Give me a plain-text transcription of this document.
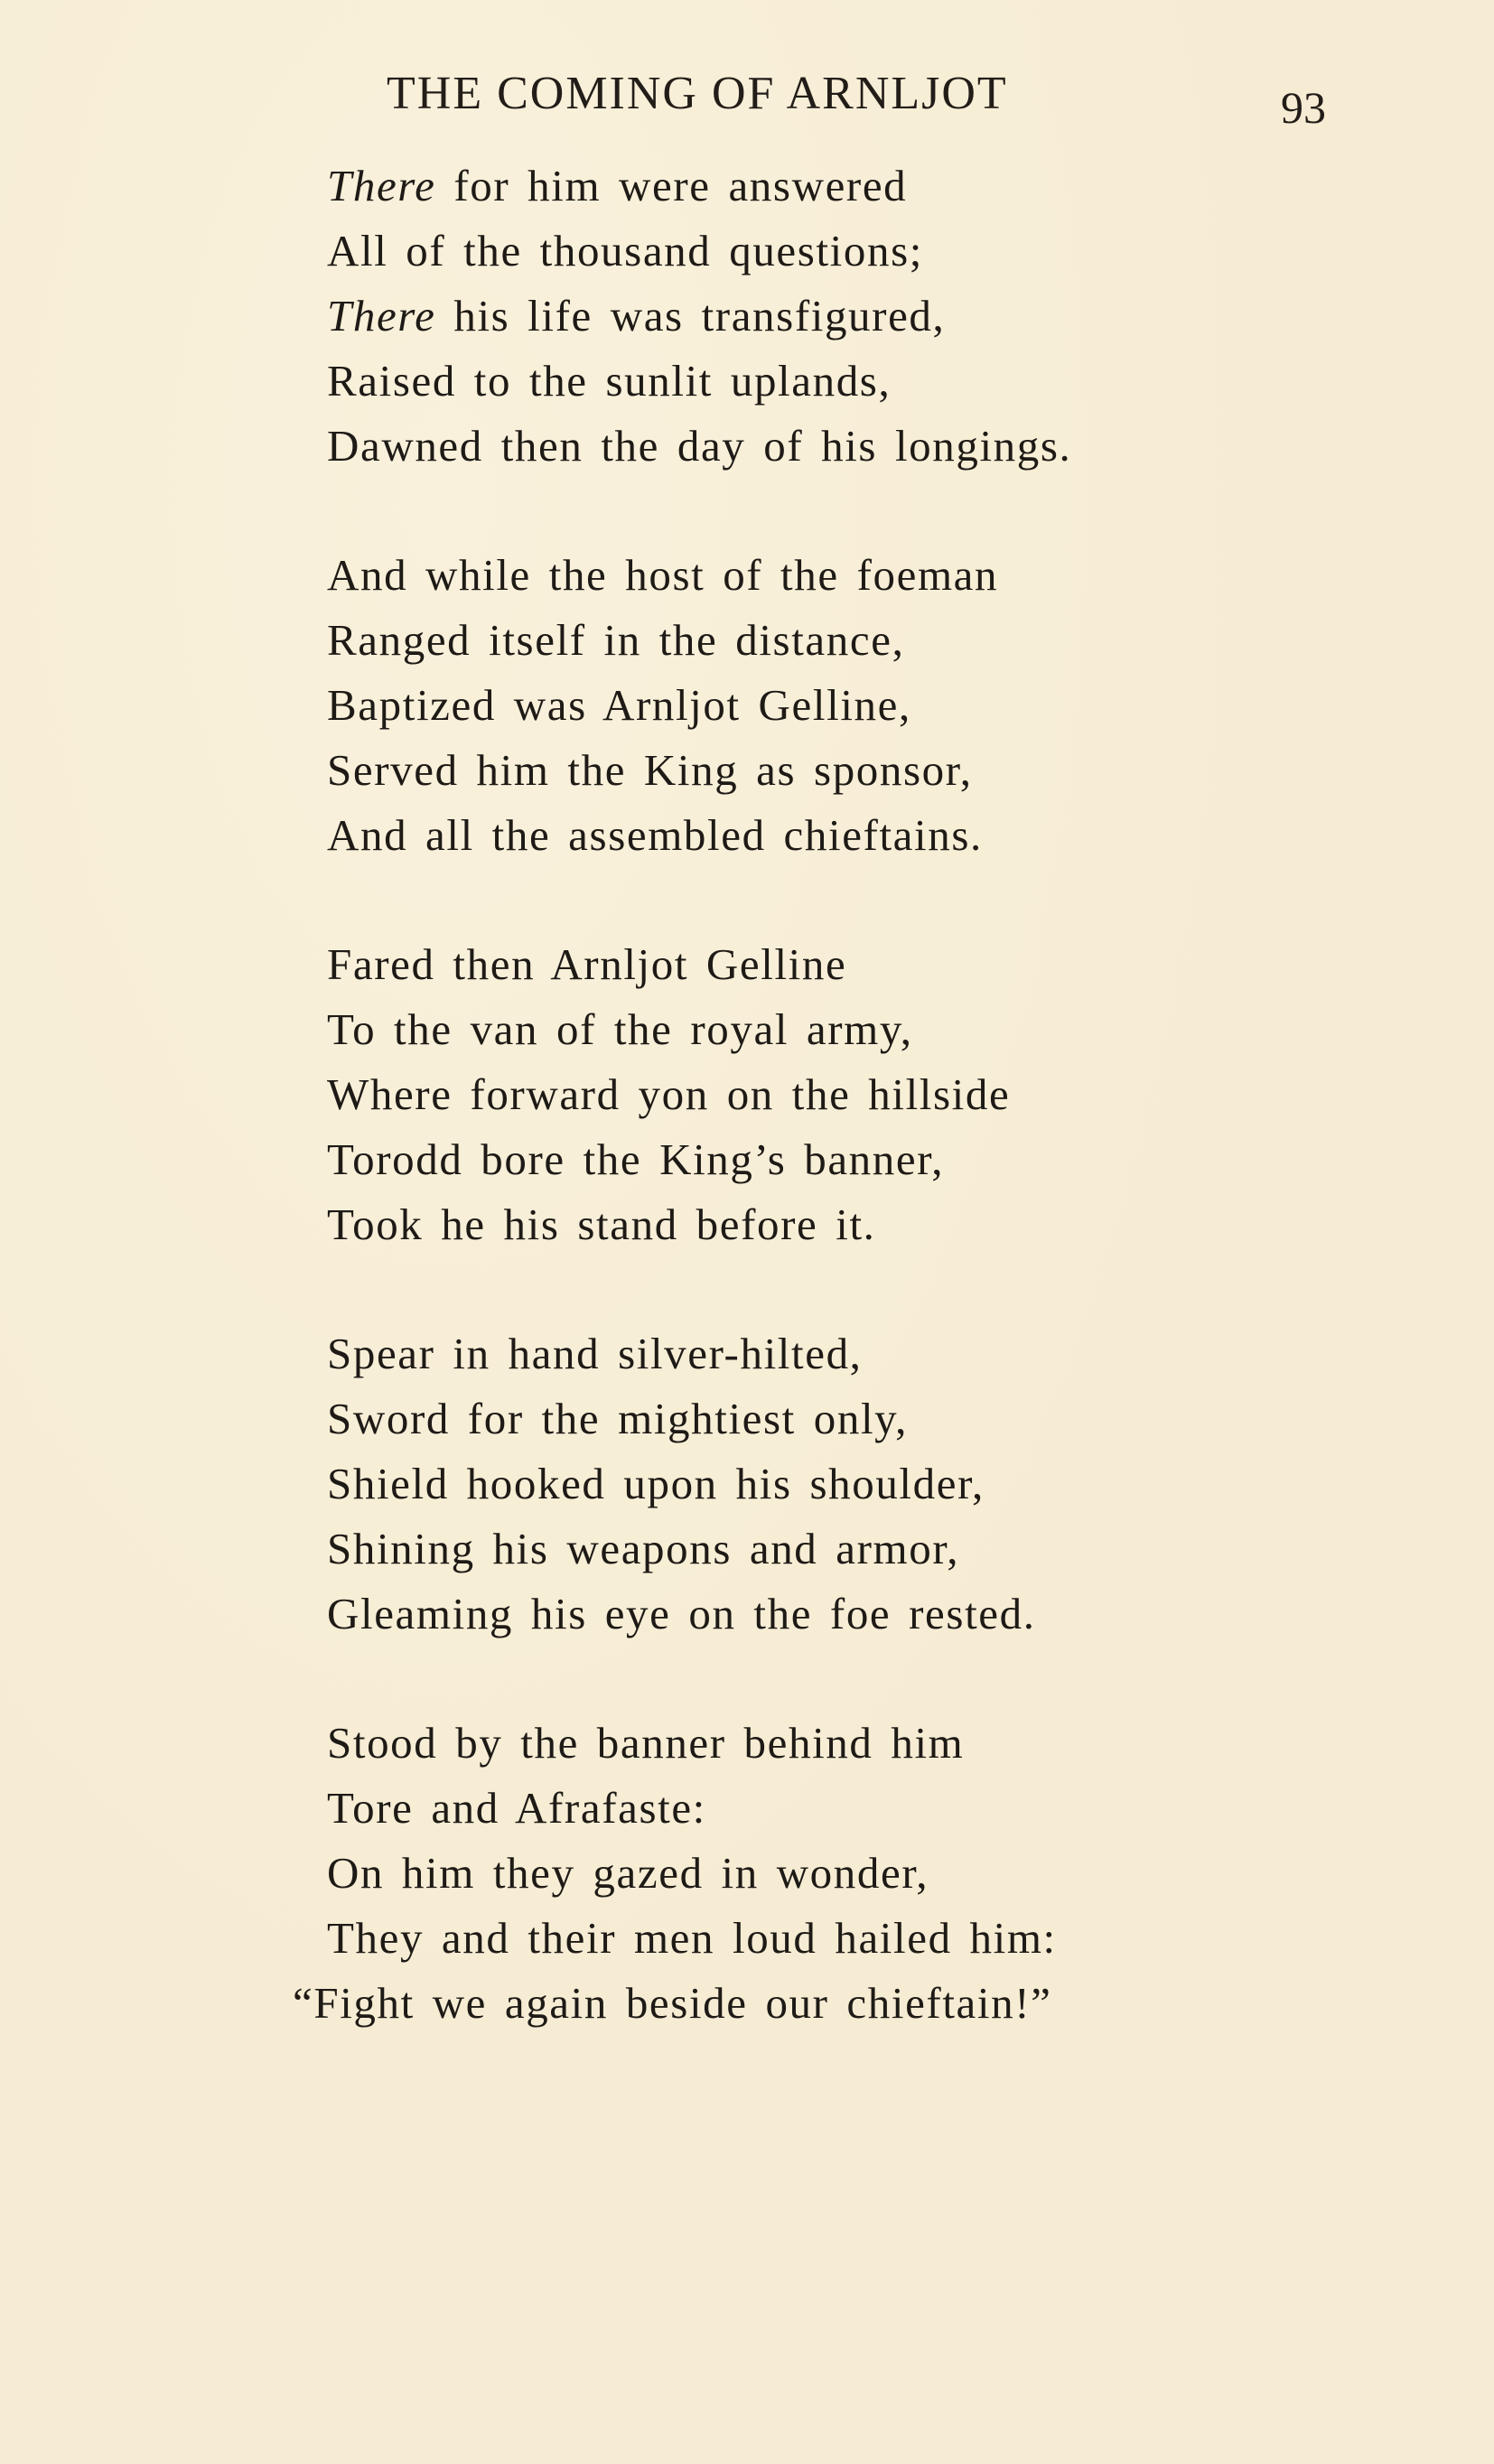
THE COMING OF ARNLJOT	93
There for him were answered
All of the thousand questions;
There his life was transfigured,
Raised to the sunlit uplands,
Dawned then the day of his longings.
And while the host of the foeman
Ranged itself in the distance,
Baptized was Arnljot Gelline,
Served him the King as sponsor,
And all the assembled chieftains.
Fared then Arnljot Gelline
To the van of the royal army,
Where forward yon on the hillside
Torodd bore the King’s banner,
Took he his stand before it.
Spear in hand silver-hilted,
Sword for the mightiest only,
Shield hooked upon his shoulder,
Shining his weapons and armor,
Gleaming his eye on the foe rested.
Stood by the banner behind him
Tore and Afrafaste:
On him they gazed in wonder,
They and their men loud hailed him:
“Fight we again beside our chieftain!”
